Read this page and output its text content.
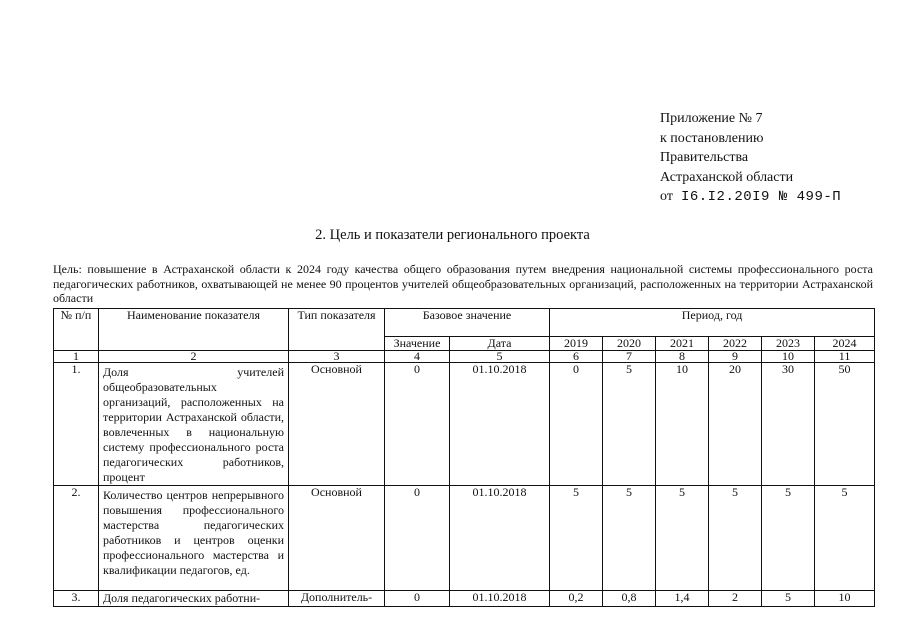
Приложение № 7
к постановлению
Правительства
Астраханской области
от I6.I2.20I9 № 499-П
2. Цель и показатели регионального проекта
Цель: повышение в Астраханской области к 2024 году качества общего образования путем внедрения национальной системы профессионального роста педагогических работников, охватывающей не менее 90 процентов учителей общеобразовательных организаций, расположенных на территории Астраханской области
№ п/п	Наименование показателя	Тип показателя	Базовое значение		Период, год					
			Значение	Дата	2019	2020	2021	2022	2023	2024
1	2	3	4	5	6	7	8	9	10	11
1.	Доля учителей общеобразовательных организаций, расположенных на территории Астраханской области, вовлеченных в национальную систему профессионального роста педагогических работников, процент	Основной	0	01.10.2018	0	5	10	20	30	50
2.	Количество центров непрерывного повышения профессионального мастерства педагогических работников и центров оценки профессионального мастерства и квалификации педагогов, ед.	Основной	0	01.10.2018	5	5	5	5	5	5
3.	Доля педагогических работни-	Дополнитель-	0	01.10.2018	0,2	0,8	1,4	2	5	10
